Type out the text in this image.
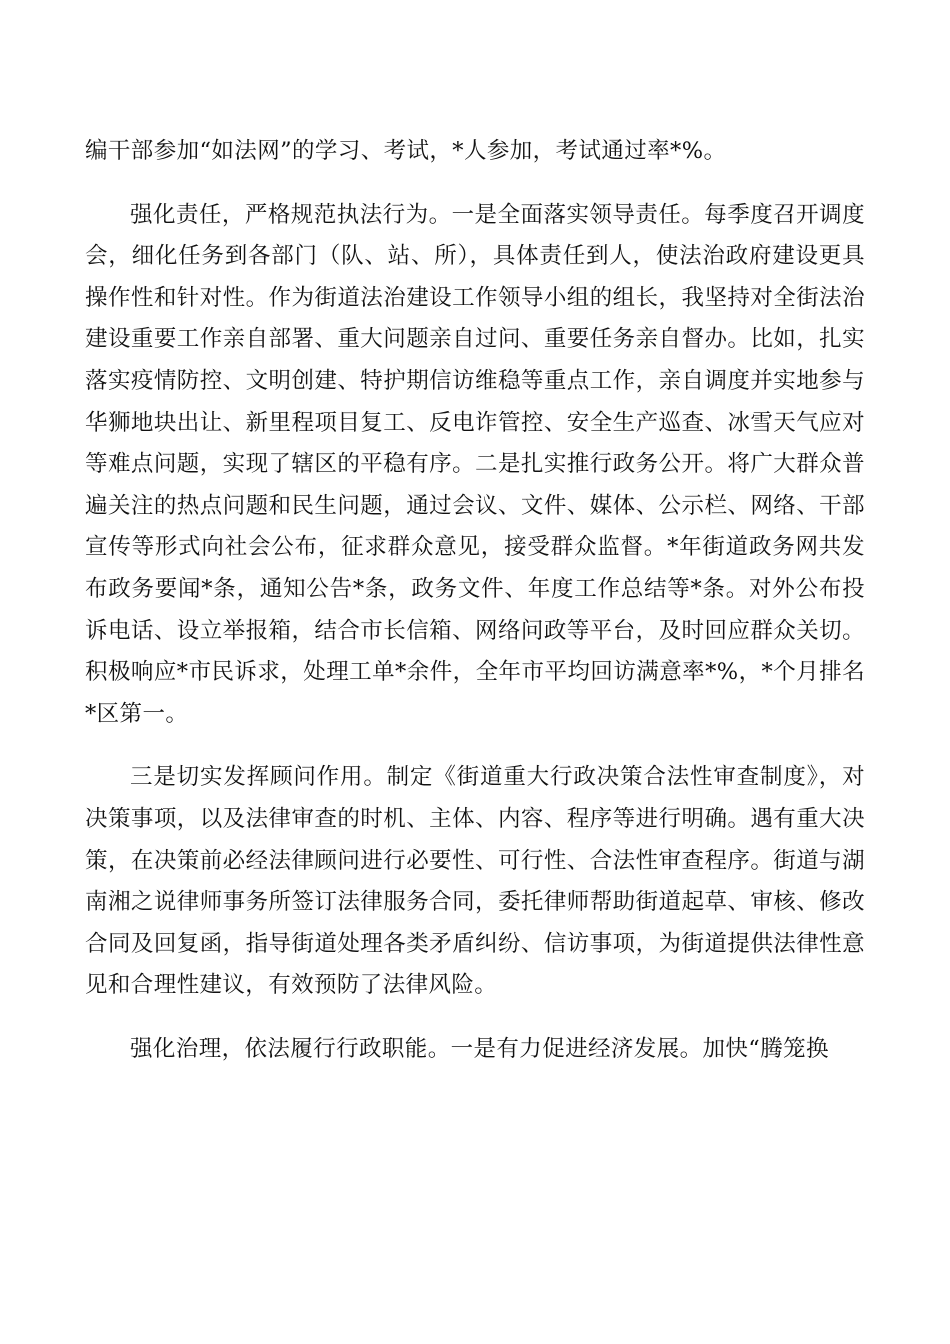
编干部参加“如法网”的学习、考试，*人参加，考试通过率*%。

强化责任，严格规范执法行为。一是全面落实领导责任。每季度召开调度会，细化任务到各部门（队、站、所），具体责任到人，使法治政府建设更具操作性和针对性。作为街道法治建设工作领导小组的组长，我坚持对全街法治建设重要工作亲自部署、重大问题亲自过问、重要任务亲自督办。比如，扎实落实疫情防控、文明创建、特护期信访维稳等重点工作，亲自调度并实地参与华狮地块出让、新里程项目复工、反电诈管控、安全生产巡查、冰雪天气应对等难点问题，实现了辖区的平稳有序。二是扎实推行政务公开。将广大群众普遍关注的热点问题和民生问题，通过会议、文件、媒体、公示栏、网络、干部宣传等形式向社会公布，征求群众意见，接受群众监督。*年街道政务网共发布政务要闻*条，通知公告*条，政务文件、年度工作总结等*条。对外公布投诉电话、设立举报箱，结合市长信箱、网络问政等平台，及时回应群众关切。积极响应*市民诉求，处理工单*余件，全年市平均回访满意率*%，*个月排名*区第一。

三是切实发挥顾问作用。制定《街道重大行政决策合法性审查制度》，对决策事项，以及法律审查的时机、主体、内容、程序等进行明确。遇有重大决策，在决策前必经法律顾问进行必要性、可行性、合法性审查程序。街道与湖南湘之说律师事务所签订法律服务合同，委托律师帮助街道起草、审核、修改合同及回复函，指导街道处理各类矛盾纠纷、信访事项，为街道提供法律性意见和合理性建议，有效预防了法律风险。

强化治理，依法履行行政职能。一是有力促进经济发展。加快“腾笼换
